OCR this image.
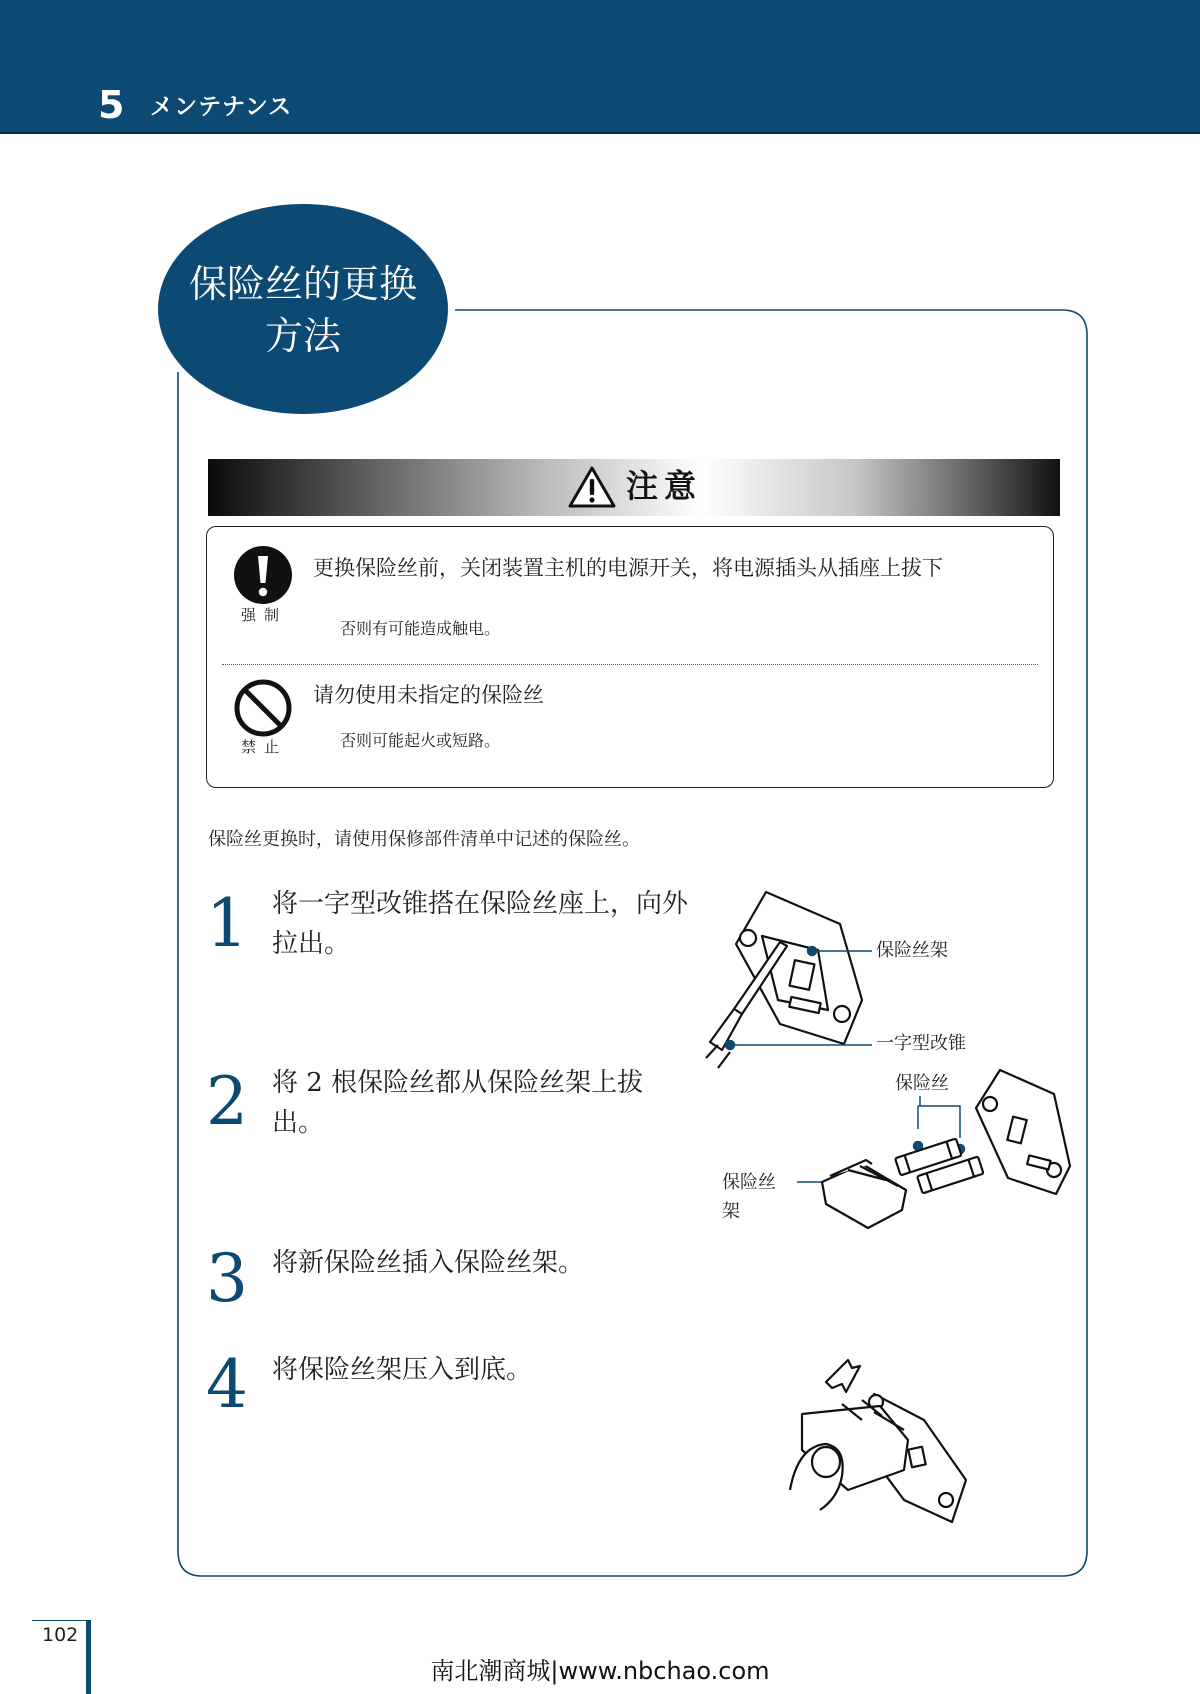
5 メンテナンス
保险丝的更换
方法
注意
强制
更换保险丝前，关闭装置主机的电源开关，将电源插头从插座上拔下
否则有可能造成触电。
禁止
请勿使用未指定的保险丝
否则可能起火或短路。
保险丝更换时，请使用保修部件清单中记述的保险丝。
1 将一字型改锥搭在保险丝座上，向外拉出。
2 将 2 根保险丝都从保险丝架上拔出。
3 将新保险丝插入保险丝架。
4 将保险丝架压入到底。
保险丝架
一字型改锥
保险丝
保险丝
架
102
南北潮商城|www.nbchao.com
